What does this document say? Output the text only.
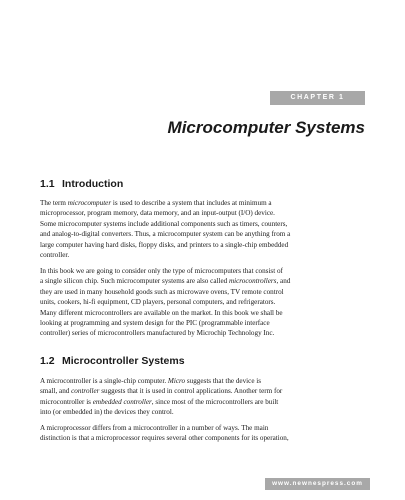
CHAPTER 1
Microcomputer Systems
1.1 Introduction
The term microcomputer is used to describe a system that includes at minimum a
microprocessor, program memory, data memory, and an input-output (I/O) device.
Some microcomputer systems include additional components such as timers, counters,
and analog-to-digital converters. Thus, a microcomputer system can be anything from a
large computer having hard disks, floppy disks, and printers to a single-chip embedded
controller.
In this book we are going to consider only the type of microcomputers that consist of
a single silicon chip. Such microcomputer systems are also called microcontrollers, and
they are used in many household goods such as microwave ovens, TV remote control
units, cookers, hi-fi equipment, CD players, personal computers, and refrigerators.
Many different microcontrollers are available on the market. In this book we shall be
looking at programming and system design for the PIC (programmable interface
controller) series of microcontrollers manufactured by Microchip Technology Inc.
1.2 Microcontroller Systems
A microcontroller is a single-chip computer. Micro suggests that the device is
small, and controller suggests that it is used in control applications. Another term for
microcontroller is embedded controller, since most of the microcontrollers are built
into (or embedded in) the devices they control.
A microprocessor differs from a microcontroller in a number of ways. The main
distinction is that a microprocessor requires several other components for its operation,
www.newnespress.com
